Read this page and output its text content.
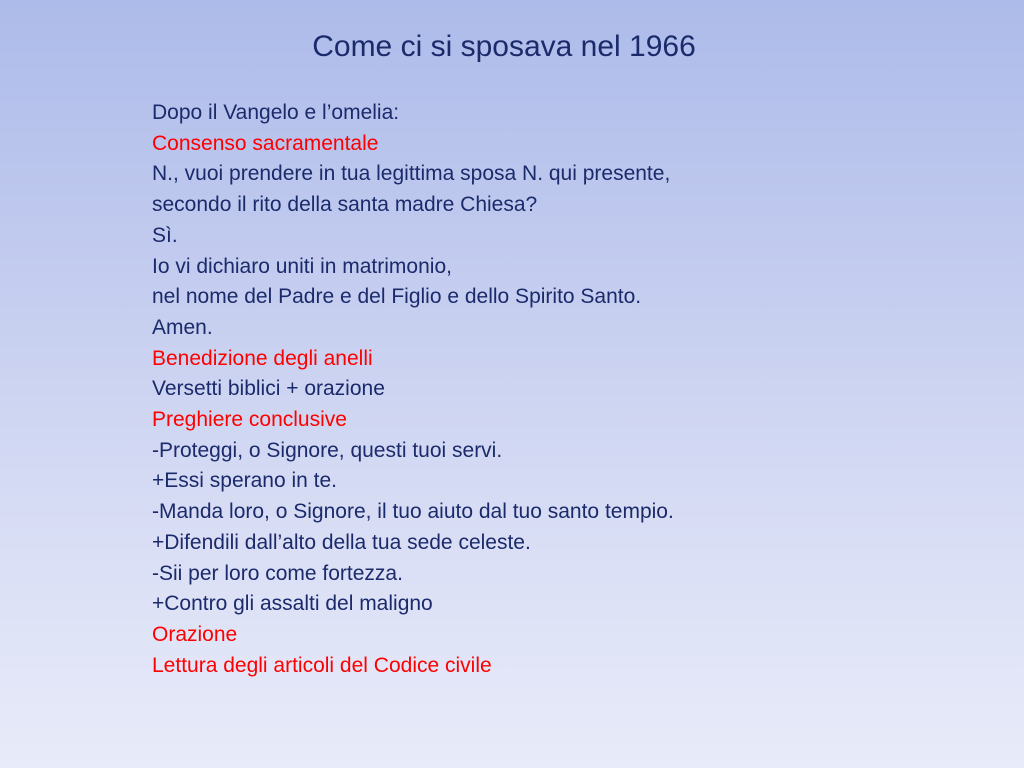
Come ci si sposava nel 1966
Dopo il Vangelo e l’omelia:
Consenso sacramentale
N., vuoi prendere in tua legittima sposa N. qui presente,
secondo il rito della santa madre Chiesa?
Sì.
Io vi dichiaro uniti in matrimonio,
nel nome del Padre e del Figlio e dello Spirito Santo.
Amen.
Benedizione degli anelli
Versetti biblici + orazione
Preghiere conclusive
-Proteggi, o Signore, questi tuoi servi.
+Essi sperano in te.
-Manda loro, o Signore, il tuo aiuto dal tuo santo tempio.
+Difendili dall’alto della tua sede celeste.
-Sii per loro come fortezza.
+Contro gli assalti del maligno
Orazione
Lettura degli articoli del Codice civile
